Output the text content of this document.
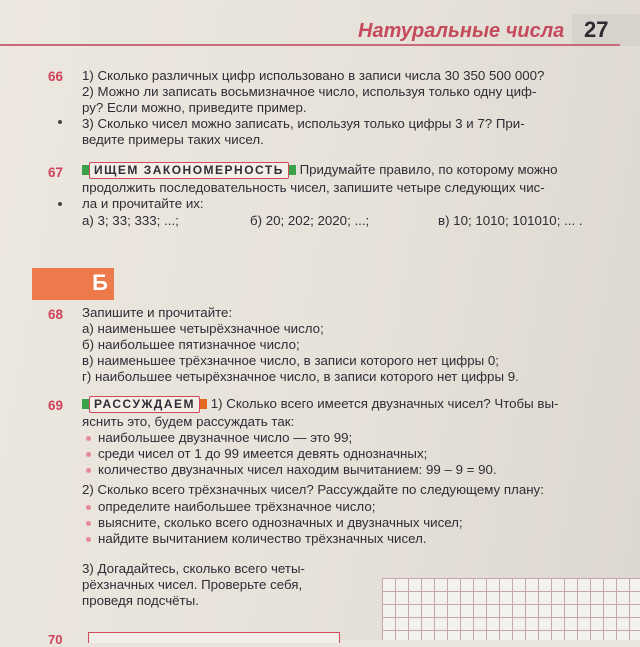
Натуральные числа 27
66 1) Сколько различных цифр использовано в записи числа 30 350 500 000?
2) Можно ли записать восьмизначное число, используя только одну циф-
ру? Если можно, приведите пример.
3) Сколько чисел можно записать, используя только цифры 3 и 7? При-
ведите примеры таких чисел.
67	ИЩЕМ ЗАКОНОМЕРНОСТЬ Придумайте правило, по которому можно
продолжить последовательность чисел, запишите четыре следующих чис-
ла и прочитайте их:
а) 3; 33; 333; ...;	б) 20; 202; 2020; ...;	в) 10; 1010; 101010; ... .
Б
68 Запишите и прочитайте:
а) наименьшее четырёхзначное число;
б) наибольшее пятизначное число;
в) наименьшее трёхзначное число, в записи которого нет цифры 0;
г) наибольшее четырёхзначное число, в записи которого нет цифры 9.
69	РАССУЖДАЕМ 1) Сколько всего имеется двузначных чисел? Чтобы вы-
яснить это, будем рассуждать так:
наибольшее двузначное число — это 99;
среди чисел от 1 до 99 имеется девять однозначных;
количество двузначных чисел находим вычитанием: 99 – 9 = 90.
2) Сколько всего трёхзначных чисел? Рассуждайте по следующему плану:
определите наибольшее трёхзначное число;
выясните, сколько всего однозначных и двузначных чисел;
найдите вычитанием количество трёхзначных чисел.
3) Догадайтесь, сколько всего четы-
рёхзначных чисел. Проверьте себя,
проведя подсчёты.
70
